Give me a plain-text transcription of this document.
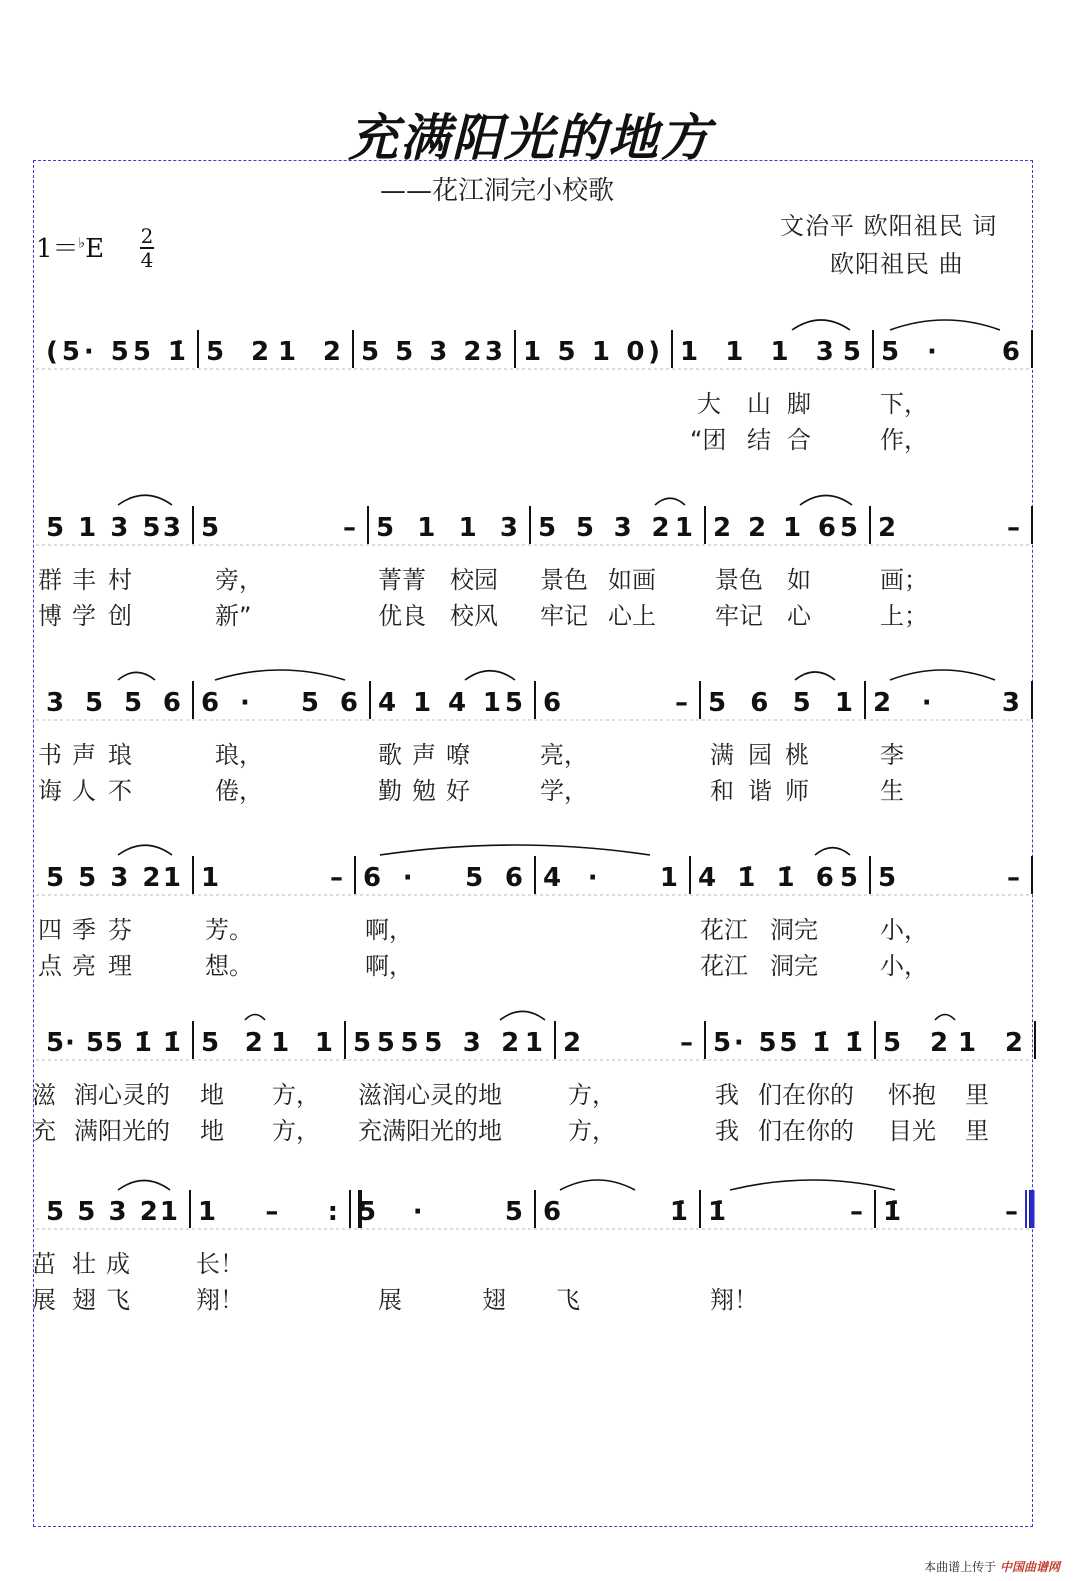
充满阳光的地方
——花江洞完小校歌
文治平 欧阳祖民 词
欧阳祖民 曲
1＝♭E 2
4
(5· 55 1̇ 5 21 2 5 5 3 23 1 5 1 0) 1 1 1 35 5· 6
大 山 脚	下，
“团 结 合	作，
5 1 3 53 5 – 5 1 1 3 5 5 3 21 2 2 1 65 2 –
群 丰 村	旁，	菁菁 校园 景色 如画 景色 如	画；
博 学 创	新”	优良 校风 牢记 心上 牢记 心	上；
3 5 5 6 6· 56 4 1 4 15 6 – 5 6 5 1 2· 3
书 声 琅	琅，	歌 声 嘹	亮，	满 园 桃	李
诲 人 不	倦，	勤 勉 好	学，	和 谐 师	生
5 5 3 21 1 – 6· 56 4· 1 4 1̇ 1̇ 65 5 –
四 季 芬	芳。	啊，	花江 洞完	小，
点 亮 理	想。	啊，	花江 洞完	小，
5· 55 1̇ 1̇ 5 21 1 5555 3 21 2 – 5· 55 1̇ 1̇ 5 21 2
滋 润心灵的 地 方， 滋润心灵的地	方，	我 们在你的 怀抱 里
充 满阳光的 地 方， 充满阳光的地	方，	我 们在你的 目光 里
5 5 3 21 1 – : 5· 5 6 1̇ 1̇ – 1̇ –
茁 壮 成	长！
展 翅 飞	翔！	展	翅 飞	翔！
本曲谱上传于 中国曲谱网
